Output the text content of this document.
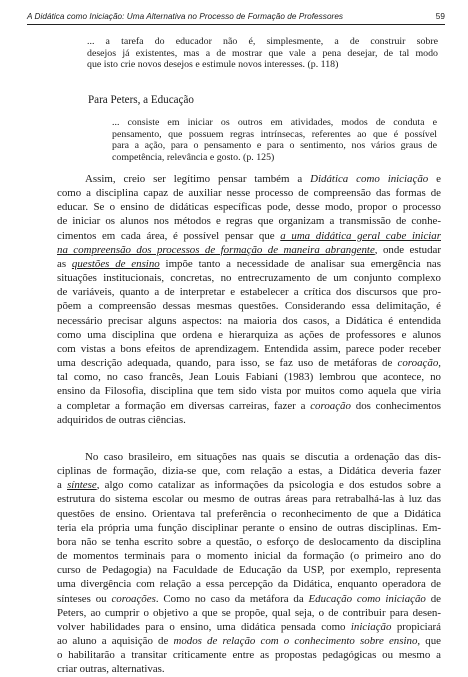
A Didática como Iniciação: Uma Alternativa no Processo de Formação de Professores	59
... a tarefa do educador não é, simplesmente, a de construir sobre
desejos já existentes, mas a de mostrar que vale a pena desejar, de tal modo
que isto crie novos desejos e estimule novos interesses. (p. 118)
Para Peters, a Educação
... consiste em iniciar os outros em atividades, modos de conduta e
pensamento, que possuem regras intrínsecas, referentes ao que é possível
para a ação, para o pensamento e para o sentimento, nos vários graus de
competência, relevância e gosto. (p. 125)
Assim, creio ser legítimo pensar também a Didática como iniciação e
como a disciplina capaz de auxiliar nesse processo de compreensão das formas de
educar. Se o ensino de didáticas específicas pode, desse modo, propor o processo
de iniciar os alunos nos métodos e regras que organizam a transmissão de conhe-
cimentos em cada área, é possível pensar que a uma didática geral cabe iniciar
na compreensão dos processos de formação de maneira abrangente, onde estudar
as questões de ensino impõe tanto a necessidade de analisar sua emergência nas
situações institucionais, concretas, no entrecruzamento de um conjunto complexo
de variáveis, quanto a de interpretar e estabelecer a crítica dos discursos que pro-
põem a compreensão dessas mesmas questões. Considerando essa delimitação, é
necessário precisar alguns aspectos: na maioria dos casos, a Didática é entendida
como uma disciplina que ordena e hierarquiza as ações de professores e alunos
com vistas a bons efeitos de aprendizagem. Entendida assim, parece poder receber
uma descrição adequada, quando, para isso, se faz uso de metáforas de coroação,
tal como, no caso francês, Jean Louis Fabiani (1983) lembrou que acontece, no
ensino da Filosofia, disciplina que tem sido vista por muitos como aquela que viria
a completar a formação em diversas carreiras, fazer a coroação dos conhecimentos
adquiridos de outras ciências.
No caso brasileiro, em situações nas quais se discutia a ordenação das dis-
ciplinas de formação, dizia-se que, com relação a estas, a Didática deveria fazer
a síntese, algo como catalizar as informações da psicologia e dos estudos sobre a
estrutura do sistema escolar ou mesmo de outras áreas para retrabalhá-las à luz das
questões de ensino. Orientava tal preferência o reconhecimento de que a Didática
teria ela própria uma função disciplinar perante o ensino de outras disciplinas. Em-
bora não se tenha escrito sobre a questão, o esforço de deslocamento da disciplina
de momentos terminais para o momento inicial da formação (o primeiro ano do
curso de Pedagogia) na Faculdade de Educação da USP, por exemplo, representa
uma divergência com relação a essa percepção da Didática, enquanto operadora de
sínteses ou coroações. Como no caso da metáfora da Educação como iniciação de
Peters, ao cumprir o objetivo a que se propõe, qual seja, o de contribuir para desen-
volver habilidades para o ensino, uma didática pensada como iniciação propiciará
ao aluno a aquisição de modos de relação com o conhecimento sobre ensino, que
o habilitarão a transitar criticamente entre as propostas pedagógicas ou mesmo a
criar outras, alternativas.
